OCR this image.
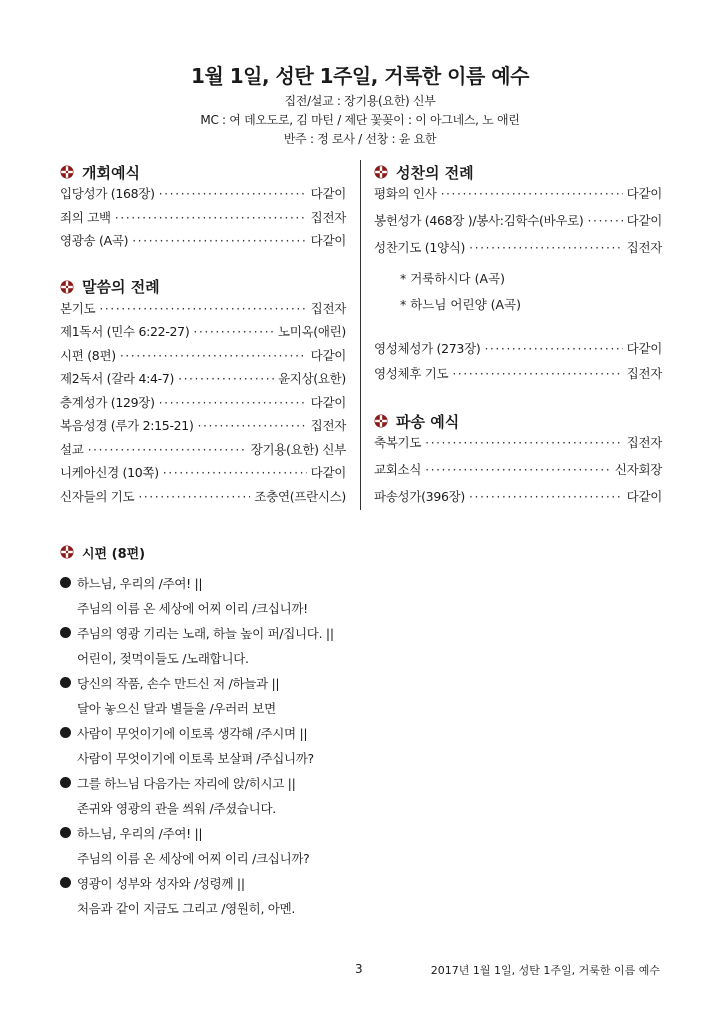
1월 1일, 성탄 1주일, 거룩한 이름 예수
집전/설교 : 장기용(요한) 신부
MC : 여 데오도로, 김 마틴 / 제단 꽃꽂이 : 이 아그네스, 노 애린
반주 : 정 로사 / 선창 : 윤 요한
개회예식
입당성가 (168장) ·····	다같이
죄의 고백 ·····	집전자
영광송 (A곡) ·····	다같이
말씀의 전례
본기도 ·····	집전자
제1독서 (민수 6:22-27) ·····	노미옥(애린)
시편 (8편) ·····	다같이
제2독서 (갈라 4:4-7) ·····	윤지상(요한)
층계성가 (129장) ·····	다같이
복음성경 (루가 2:15-21) ·····	집전자
설교 ·····	장기용(요한) 신부
니케아신경 (10쪽) ·····	다같이
신자들의 기도 ·····	조충연(프란시스)
성찬의 전례
평화의 인사 ·····	다같이
봉헌성가 (468장 )/봉사:김학수(바우로) ·····	다같이
성찬기도 (1양식) ·····	집전자
* 거룩하시다 (A곡)
* 하느님 어린양 (A곡)
영성체성가 (273장) ·····	다같이
영성체후 기도 ·····	집전자
파송 예식
축복기도 ·····	집전자
교회소식 ·····	신자회장
파송성가(396장) ·····	다같이
시편 (8편)
하느님, 우리의 /주여! ||
주님의 이름 온 세상에 어찌 이리 /크십니까!
주님의 영광 기리는 노래, 하늘 높이 퍼/집니다. ||
어린이, 젖먹이들도 /노래합니다.
당신의 작품, 손수 만드신 저 /하늘과 ||
달아 놓으신 달과 별들을 /우러러 보면
사람이 무엇이기에 이토록 생각해 /주시며 ||
사람이 무엇이기에 이토록 보살펴 /주십니까?
그를 하느님 다음가는 자리에 앉/히시고 ||
존귀와 영광의 관을 씌워 /주셨습니다.
하느님, 우리의 /주여! ||
주님의 이름 온 세상에 어찌 이리 /크십니까?
영광이 성부와 성자와 /성령께 ||
처음과 같이 지금도 그리고 /영원히, 아멘.
3	2017년 1월 1일, 성탄 1주일, 거룩한 이름 예수
